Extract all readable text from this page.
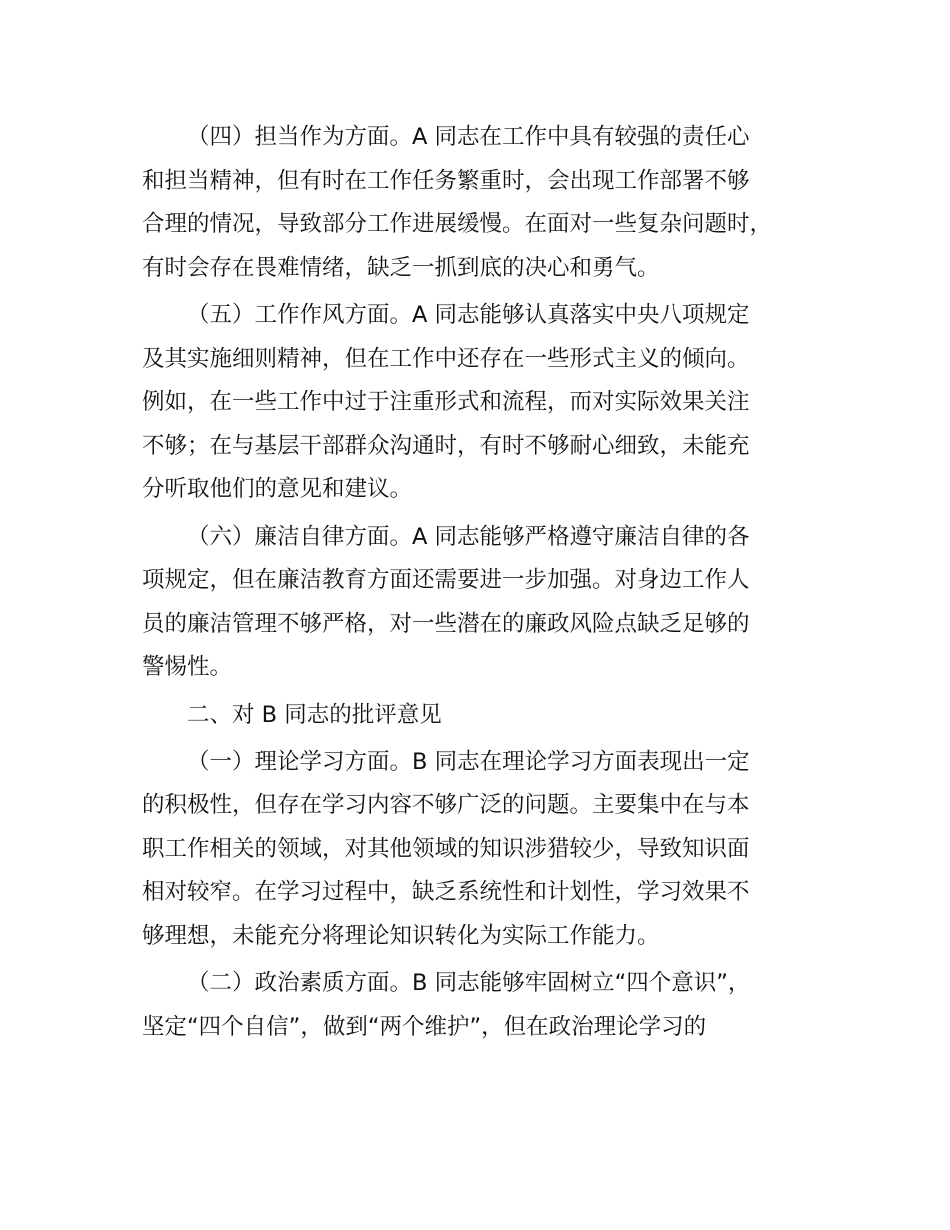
（四）担当作为方面。A 同志在工作中具有较强的责任心
和担当精神，但有时在工作任务繁重时，会出现工作部署不够
合理的情况，导致部分工作进展缓慢。在面对一些复杂问题时，
有时会存在畏难情绪，缺乏一抓到底的决心和勇气。
（五）工作作风方面。A 同志能够认真落实中央八项规定
及其实施细则精神，但在工作中还存在一些形式主义的倾向。
例如，在一些工作中过于注重形式和流程，而对实际效果关注
不够；在与基层干部群众沟通时，有时不够耐心细致，未能充
分听取他们的意见和建议。
（六）廉洁自律方面。A 同志能够严格遵守廉洁自律的各
项规定，但在廉洁教育方面还需要进一步加强。对身边工作人
员的廉洁管理不够严格，对一些潜在的廉政风险点缺乏足够的
警惕性。
二、对 B 同志的批评意见
（一）理论学习方面。B 同志在理论学习方面表现出一定
的积极性，但存在学习内容不够广泛的问题。主要集中在与本
职工作相关的领域，对其他领域的知识涉猎较少，导致知识面
相对较窄。在学习过程中，缺乏系统性和计划性，学习效果不
够理想，未能充分将理论知识转化为实际工作能力。
（二）政治素质方面。B 同志能够牢固树立“四个意识”，
坚定“四个自信”，做到“两个维护”，但在政治理论学习的
